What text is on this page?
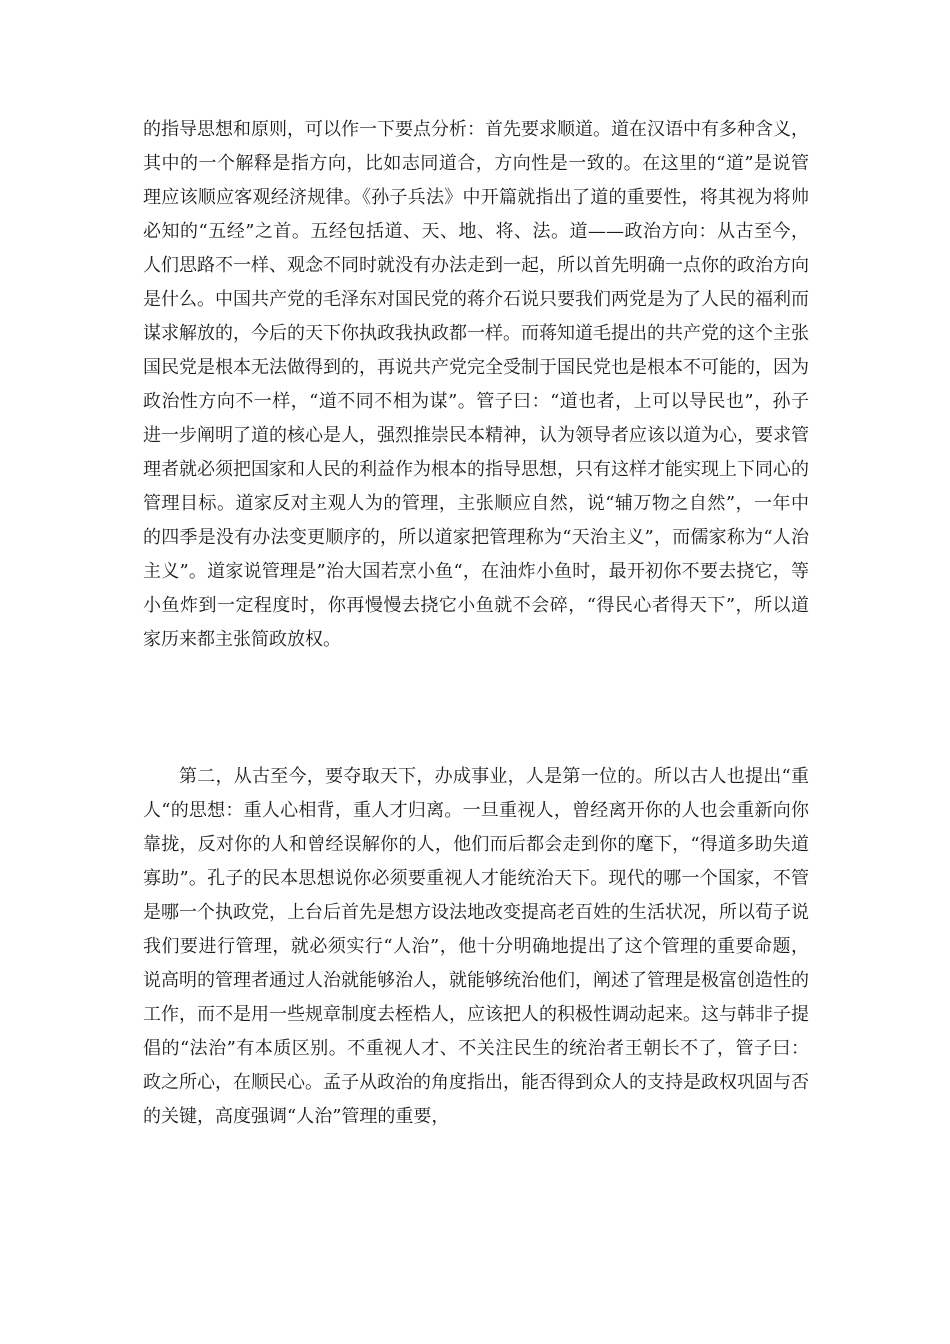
的指导思想和原则，可以作一下要点分析：首先要求顺道。道在汉语中有多种含义，其中的一个解释是指方向，比如志同道合，方向性是一致的。在这里的“道”是说管理应该顺应客观经济规律。《孙子兵法》中开篇就指出了道的重要性，将其视为将帅必知的“五经”之首。五经包括道、天、地、将、法。道——政治方向：从古至今，人们思路不一样、观念不同时就没有办法走到一起，所以首先明确一点你的政治方向是什么。中国共产党的毛泽东对国民党的蒋介石说只要我们两党是为了人民的福利而谋求解放的，今后的天下你执政我执政都一样。而蒋知道毛提出的共产党的这个主张国民党是根本无法做得到的，再说共产党完全受制于国民党也是根本不可能的，因为政治性方向不一样，“道不同不相为谋”。管子曰：“道也者，上可以导民也”，孙子进一步阐明了道的核心是人，强烈推崇民本精神，认为领导者应该以道为心，要求管理者就必须把国家和人民的利益作为根本的指导思想，只有这样才能实现上下同心的管理目标。道家反对主观人为的管理，主张顺应自然，说“辅万物之自然”，一年中的四季是没有办法变更顺序的，所以道家把管理称为“天治主义”，而儒家称为“人治主义”。道家说管理是”治大国若烹小鱼“，在油炸小鱼时，最开初你不要去挠它，等小鱼炸到一定程度时，你再慢慢去挠它小鱼就不会碎，“得民心者得天下”，所以道家历来都主张简政放权。

第二，从古至今，要夺取天下，办成事业，人是第一位的。所以古人也提出“重人“的思想：重人心相背，重人才归离。一旦重视人，曾经离开你的人也会重新向你靠拢，反对你的人和曾经误解你的人，他们而后都会走到你的麾下，“得道多助失道寡助”。孔子的民本思想说你必须要重视人才能统治天下。现代的哪一个国家，不管是哪一个执政党，上台后首先是想方设法地改变提高老百姓的生活状况，所以荀子说我们要进行管理，就必须实行“人治”，他十分明确地提出了这个管理的重要命题，说高明的管理者通过人治就能够治人，就能够统治他们，阐述了管理是极富创造性的工作，而不是用一些规章制度去桎梏人，应该把人的积极性调动起来。这与韩非子提倡的“法治”有本质区别。不重视人才、不关注民生的统治者王朝长不了，管子曰：政之所心，在顺民心。孟子从政治的角度指出，能否得到众人的支持是政权巩固与否的关键，高度强调“人治”管理的重要，
